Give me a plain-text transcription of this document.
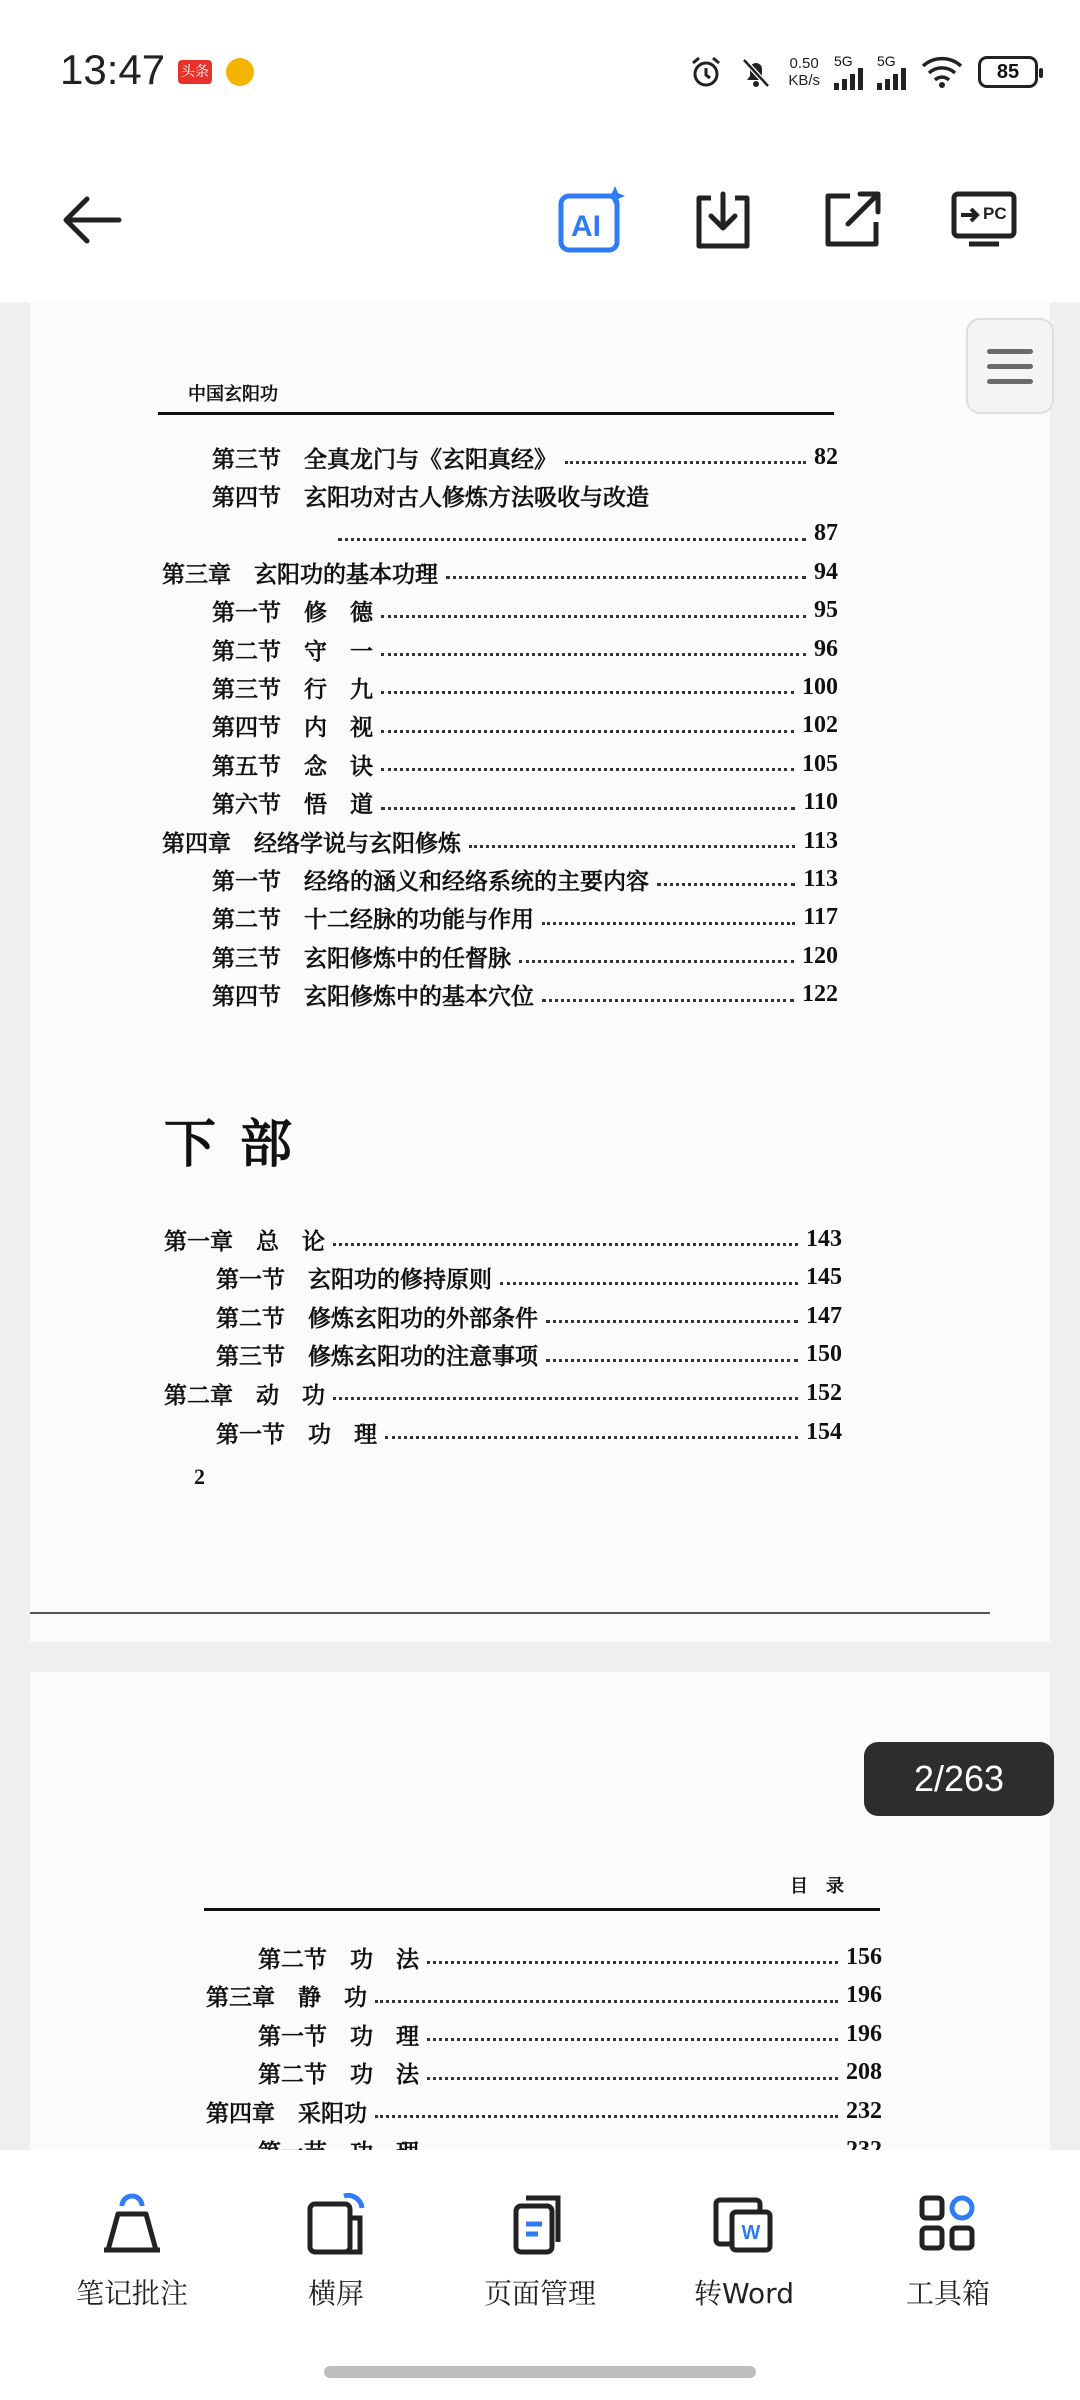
13:47 头条	0.50
KB/s
5G 5G	85
AI	PC
中国玄阳功
第三节　全真龙门与《玄阳真经》	82
第四节　玄阳功对古人修炼方法吸收与改造
87
第三章　玄阳功的基本功理	94
第一节　修　德	95
第二节　守　一	96
第三节　行　九	100
第四节　内　视	102
第五节　念　诀	105
第六节　悟　道	110
第四章　经络学说与玄阳修炼	113
第一节　经络的涵义和经络系统的主要内容	113
第二节　十二经脉的功能与作用	117
第三节　玄阳修炼中的任督脉	120
第四节　玄阳修炼中的基本穴位	122
下部
第一章　总　论	143
第一节　玄阳功的修持原则	145
第二节　修炼玄阳功的外部条件	147
第三节　修炼玄阳功的注意事项	150
第二章　动　功	152
第一节　功　理	154
2
目　录
第二节　功　法	156
第三章　静　功	196
第一节　功　理	196
第二节　功　法	208
第四章　采阳功	232
2/263
笔记批注	横屏	页面管理
W
转Word	工具箱
